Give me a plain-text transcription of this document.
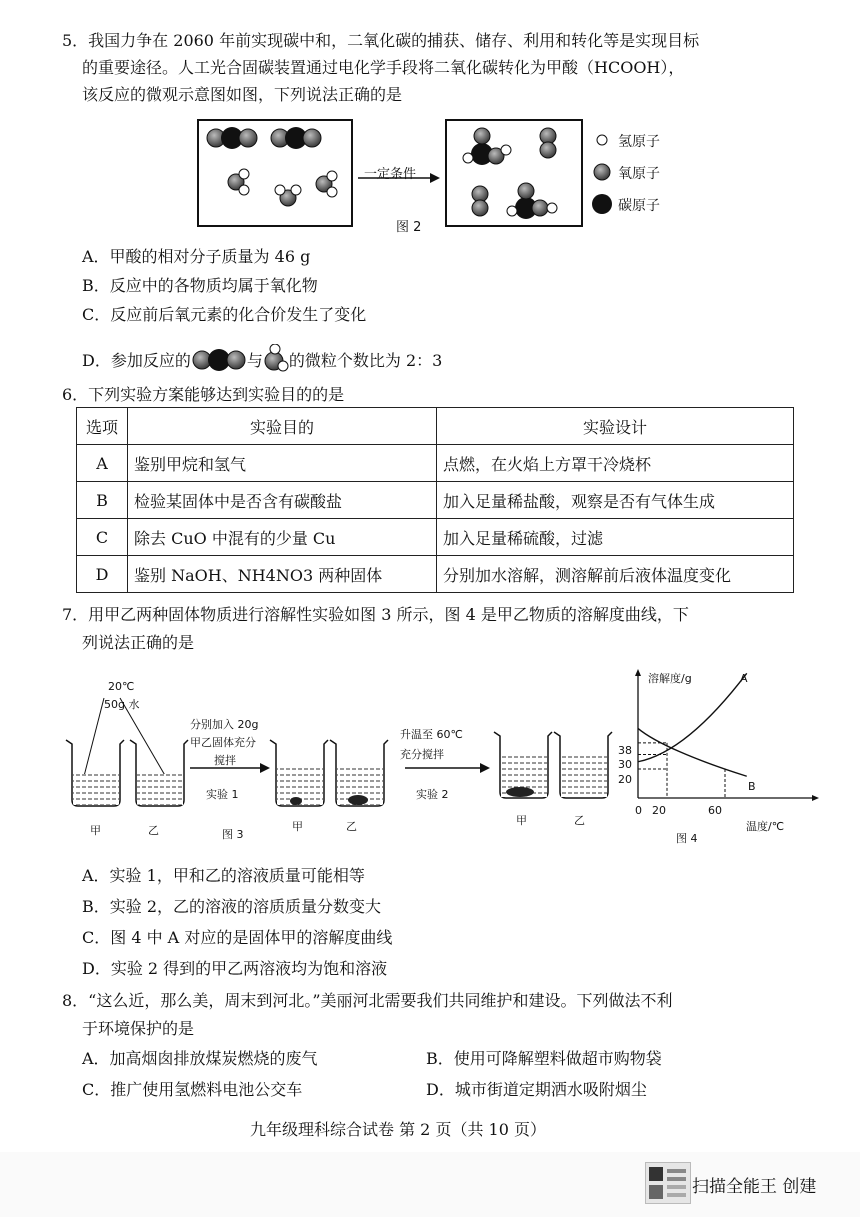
5．我国力争在 2060 年前实现碳中和，二氧化碳的捕获、储存、利用和转化等是实现目标
的重要途径。人工光合固碳装置通过电化学手段将二氧化碳转化为甲酸（HCOOH），
该反应的微观示意图如图，下列说法正确的是
一定条件
图 2
氢原子
氧原子
碳原子
A．甲酸的相对分子质量为 46 g
B．反应中的各物质均属于氧化物
C．反应前后氧元素的化合价发生了变化
D．参加反应的	与 的微粒个数比为 2：3
6．下列实验方案能够达到实验目的的是
选项	实验目的	实验设计
A	鉴别甲烷和氢气	点燃，在火焰上方罩干冷烧杯
B	检验某固体中是否含有碳酸盐	加入足量稀盐酸，观察是否有气体生成
C	除去 CuO 中混有的少量 Cu	加入足量稀硫酸，过滤
D	鉴别 NaOH、NH4NO3 两种固体	分别加水溶解，测溶解前后液体温度变化
7．用甲乙两种固体物质进行溶解性实验如图 3 所示，图 4 是甲乙物质的溶解度曲线，下
列说法正确的是
20℃
50g 水
分别加入 20g
甲乙固体充分
搅拌
实验 1
升温至 60℃
充分搅拌
实验 2
甲	乙	图 3
甲	乙	甲	乙
溶解度/g
温度/℃
A
B
38
30
20
0 20	60
图 4
A．实验 1，甲和乙的溶液质量可能相等
B．实验 2，乙的溶液的溶质质量分数变大
C．图 4 中 A 对应的是固体甲的溶解度曲线
D．实验 2 得到的甲乙两溶液均为饱和溶液
8．“这么近，那么美，周末到河北。”美丽河北需要我们共同维护和建设。下列做法不利
于环境保护的是
A．加高烟囱排放煤炭燃烧的废气	B．使用可降解塑料做超市购物袋
C．推广使用氢燃料电池公交车	D．城市街道定期洒水吸附烟尘
九年级理科综合试卷 第 2 页（共 10 页）
扫描全能王 创建
